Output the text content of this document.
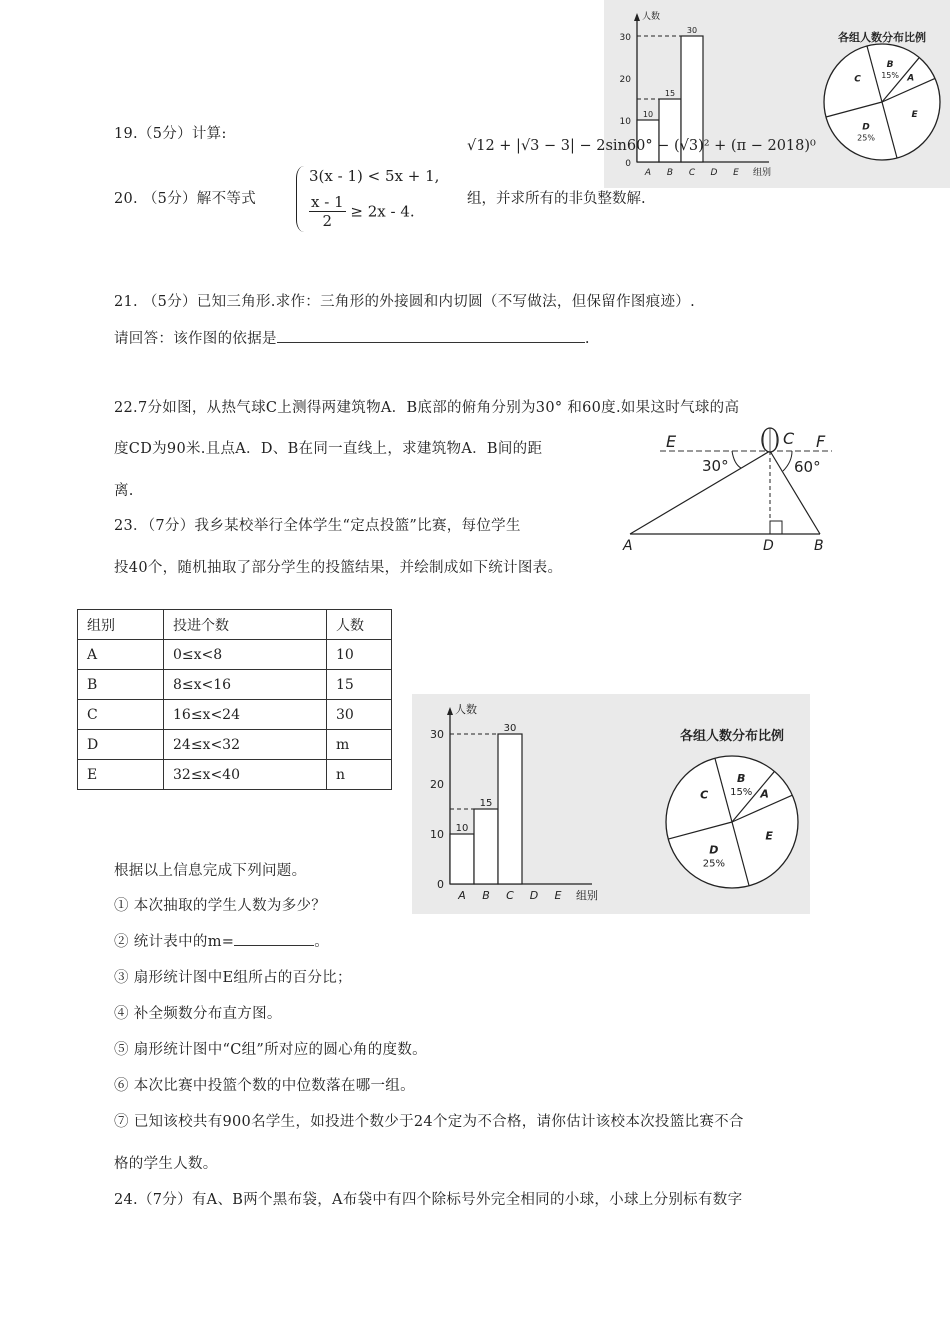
人数
0
10
20
30
A
10
B
15
C
30
D E 组别
各组人数分布比例
A
B
15%
C
D
25%
E
19.（5分）计算:
√12 + |√3 − 3| − 2sin60° − (√3)² + (π − 2018)⁰
20. （5分）解不等式
3(x - 1) < 5x + 1,
$\frac{x - 1}{2} \ge 2x - 4$.
组，并求所有的非负整数解.
21. （5分）已知三角形.求作：三角形的外接圆和内切圆（不写做法，但保留作图痕迹）.
请回答：该作图的依据是	.
22.7分如图，从热气球C上测得两建筑物A．B底部的俯角分别为30° 和60度.如果这时气球的高
度CD为90米.且点A．D、B在同一直线上，求建筑物A．B间的距
离.
E	C F
30°	60°
A	D	B
23．（7分）我乡某校举行全体学生“定点投篮”比赛，每位学生
投40个，随机抽取了部分学生的投篮结果，并绘制成如下统计图表。
组别	投进个数	人数
A	0≤x<8	10
B	8≤x<16	15
C	16≤x<24	30
D	24≤x<32	m
E	32≤x<40	n
人数
0
10
20
30
A
10
B
15
C
30
D E 组别
各组人数分布比例
A
B
15%
C
D
25%
E
根据以上信息完成下列问题。
① 本次抽取的学生人数为多少？
② 统计表中的m=	。
③ 扇形统计图中E组所占的百分比；
④ 补全频数分布直方图。
⑤ 扇形统计图中“C组”所对应的圆心角的度数。
⑥ 本次比赛中投篮个数的中位数落在哪一组。
⑦ 已知该校共有900名学生，如投进个数少于24个定为不合格，请你估计该校本次投篮比赛不合
格的学生人数。
24.（7分）有A、B两个黑布袋，A布袋中有四个除标号外完全相同的小球，小球上分别标有数字
